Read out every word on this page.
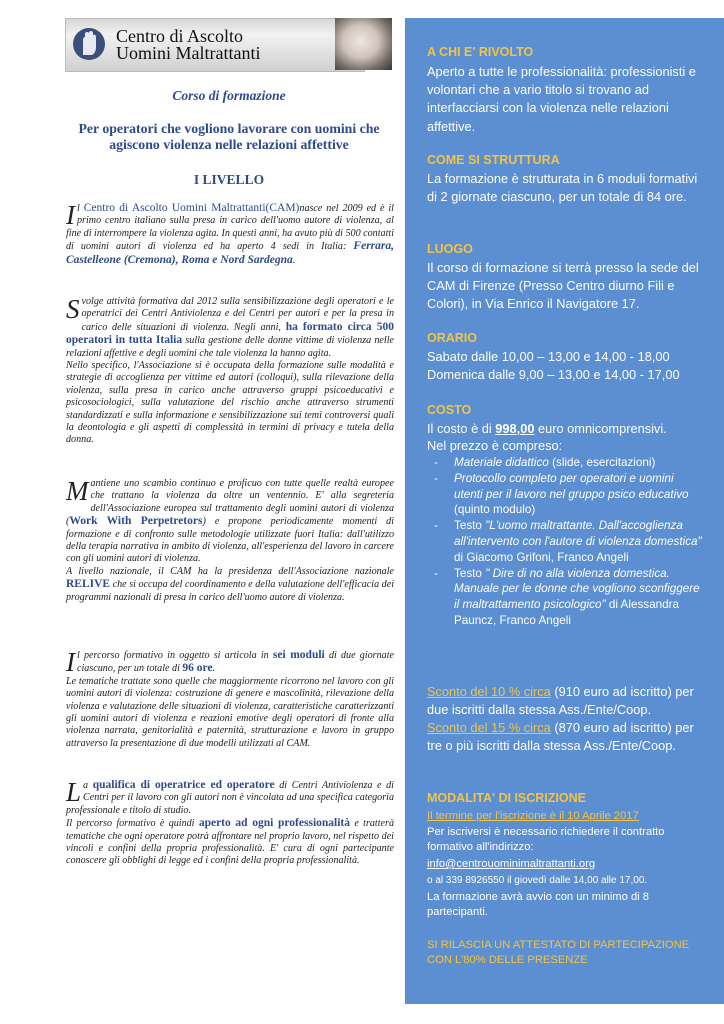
Centro di Ascolto
Uomini Maltrattanti
Corso di formazione
Per operatori che vogliono lavorare con uomini che agiscono violenza nelle relazioni affettive
I LIVELLO
Il Centro di Ascolto Uomini Maltrattanti(CAM)nasce nel 2009 ed è il primo centro italiano sulla presa in carico dell'uomo autore di violenza, al fine di interrompere la violenza agita. In questi anni, ha avuto più di 500 contatti di uomini autori di violenza ed ha aperto 4 sedi in Italia: Ferrara, Castelleone (Cremona), Roma e Nord Sardegna.
Svolge attività formativa dal 2012 sulla sensibilizzazione degli operatori e le operatrici dei Centri Antiviolenza e dei Centri per autori e per la presa in carico delle situazioni di violenza. Negli anni, ha formato circa 500 operatori in tutta Italia sulla gestione delle donne vittime di violenza nelle relazioni affettive e degli uomini che tale violenza la hanno agita.
Nello specifico, l'Associazione si è occupata della formazione sulle modalità e strategie di accoglienza per vittime ed autori (colloqui), sulla rilevazione della violenza, sulla presa in carico anche attraverso gruppi psicoeducativi e psicosociologici, sulla valutazione del rischio anche attraverso strumenti standardizzati e sulla informazione e sensibilizzazione sui temi controversi quali la deontologia e gli aspetti di complessità in termini di privacy e tutela della donna.
Mantiene uno scambio continuo e proficuo con tutte quelle realtà europee che trattano la violenza da oltre un ventennio. E' alla segreteria dell'Associazione europea sul trattamento degli uomini autori di violenza (Work With Perpetretors) e propone periodicamente momenti di formazione e di confronto sulle metodologie utilizzate fuori Italia: dall'utilizzo della terapia narrativa in ambito di violenza, all'esperienza del lavoro in carcere con gli uomini autori di violenza.
A livello nazionale, il CAM ha la presidenza dell'Associazione nazionale RELIVE che si occupa del coordinamento e della valutazione dell'efficacia dei programmi nazionali di presa in carico dell'uomo autore di violenza.
Il percorso formativo in oggetto si articola in sei moduli di due giornate ciascuno, per un totale di 96 ore.
Le tematiche trattate sono quelle che maggiormente ricorrono nel lavoro con gli uomini autori di violenza: costruzione di genere e mascolinità, rilevazione della violenza e valutazione delle situazioni di violenza, caratteristiche caratterizzanti gli uomini autori di violenza e reazioni emotive degli operatori di fronte alla violenza narrata, genitorialità e paternità, strutturazione e lavoro in gruppo attraverso la presentazione di due modelli utilizzati al CAM.
La qualifica di operatrice ed operatore di Centri Antiviolenza e di Centri per il lavoro con gli autori non è vincolata ad una specifica categoria professionale e titolo di studio.
Il percorso formativo è quindi aperto ad ogni professionalità e tratterà tematiche che ogni operatore potrà affrontare nel proprio lavoro, nel rispetto dei vincoli e confini della propria professionalità. E' cura di ogni partecipante conoscere gli obblighi di legge ed i confini della propria professionalità.
A CHI E' RIVOLTO
Aperto a tutte le professionalità: professionisti e volontari che a vario titolo si trovano ad interfacciarsi con la violenza nelle relazioni affettive.
COME SI STRUTTURA
La formazione è strutturata in 6 moduli formativi di 2 giornate ciascuno, per un totale di 84 ore.
LUOGO
Il corso di formazione si terrà presso la sede del CAM di Firenze (Presso Centro diurno Fili e Colori), in Via Enrico il Navigatore 17.
ORARIO
Sabato dalle 10,00 – 13,00 e 14,00 - 18,00
Domenica dalle 9,00 – 13,00 e 14,00 - 17,00
COSTO
Il costo è di 998,00 euro omnicomprensivi.
Nel prezzo è compreso:
- Materiale didattico (slide, esercitazioni)
- Protocollo completo per operatori e uomini utenti per il lavoro nel gruppo psico educativo (quinto modulo)
- Testo "L'uomo maltrattante. Dall'accoglienza all'intervento con l'autore di violenza domestica" di Giacomo Grifoni, Franco Angeli
- Testo " Dire di no alla violenza domestica. Manuale per le donne che vogliono sconfiggere il maltrattamento psicologico" di Alessandra Pauncz, Franco Angeli
Sconto del 10 % circa (910 euro ad iscritto) per due iscritti dalla stessa Ass./Ente/Coop.
Sconto del 15 % circa (870 euro ad iscritto) per tre o più iscritti dalla stessa Ass./Ente/Coop.
MODALITA' DI ISCRIZIONE
Il termine per l'iscrizione è il 10 Aprile 2017
Per iscriversi è necessario richiedere il contratto formativo all'indirizzo:
info@centrouominimaltrattanti.org
o al 339 8926550 il giovedì dalle 14,00 alle 17,00.
La formazione avrà avvio con un minimo di 8 partecipanti.
SI RILASCIA UN ATTESTATO DI PARTECIPAZIONE CON L'80% DELLE PRESENZE
